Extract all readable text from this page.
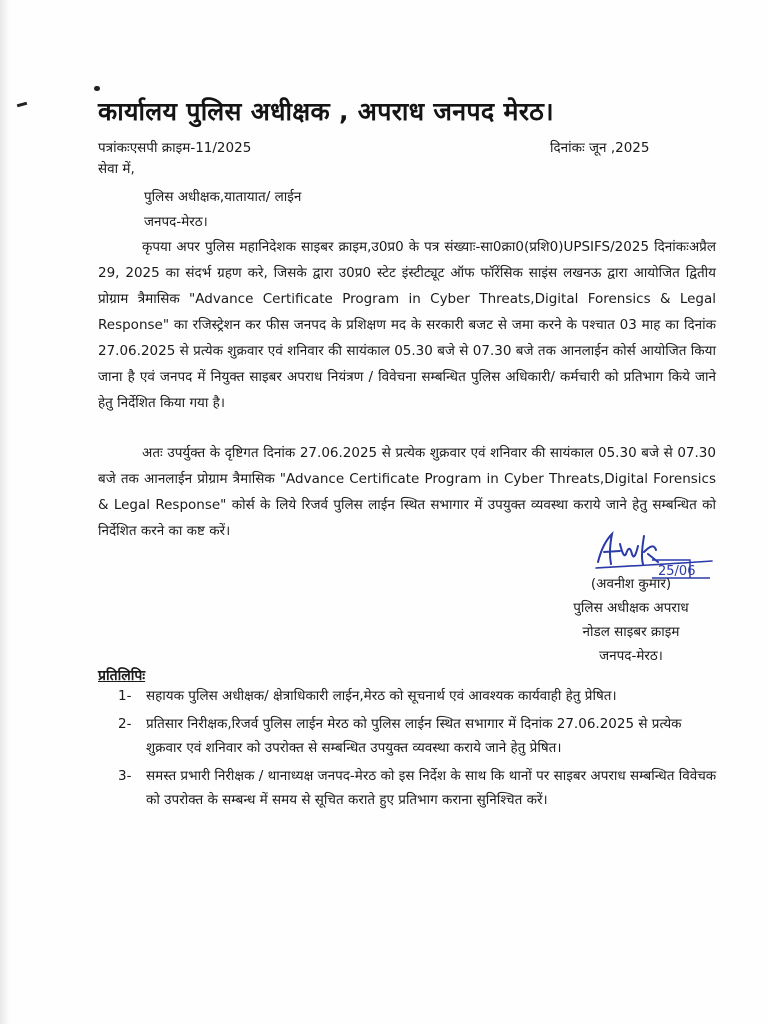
कार्यालय पुलिस अधीक्षक , अपराध जनपद मेरठ।
पत्रांकःएसपी क्राइम-11/2025	दिनांकः जून ,2025
सेवा में,
पुलिस अधीक्षक,यातायात/ लाईन
जनपद-मेरठ।
कृपया अपर पुलिस महानिदेशक साइबर क्राइम,उ0प्र0 के पत्र संख्याः-सा0क्रा0(प्रशि0)UPSIFS/2025 दिनांकःअप्रैल 29, 2025 का संदर्भ ग्रहण करे, जिसके द्वारा उ0प्र0 स्टेट इंस्टीट्यूट ऑफ फॉरेंसिक साइंस लखनऊ द्वारा आयोजित द्वितीय प्रोग्राम त्रैमासिक "Advance Certificate Program in Cyber Threats,Digital Forensics & Legal Response" का रजिस्ट्रेशन कर फीस जनपद के प्रशिक्षण मद के सरकारी बजट से जमा करने के पश्चात 03 माह का दिनांक 27.06.2025 से प्रत्येक शुक्रवार एवं शनिवार की सायंकाल 05.30 बजे से 07.30 बजे तक आनलाईन कोर्स आयोजित किया जाना है एवं जनपद में नियुक्त साइबर अपराध नियंत्रण / विवेचना सम्बन्धित पुलिस अधिकारी/ कर्मचारी को प्रतिभाग किये जाने हेतु निर्देशित किया गया है।
अतः उपर्युक्त के दृष्टिगत दिनांक 27.06.2025 से प्रत्येक शुक्रवार एवं शनिवार की सायंकाल 05.30 बजे से 07.30 बजे तक आनलाईन प्रोग्राम त्रैमासिक "Advance Certificate Program in Cyber Threats,Digital Forensics & Legal Response" कोर्स के लिये रिजर्व पुलिस लाईन स्थित सभागार में उपयुक्त व्यवस्था कराये जाने हेतु सम्बन्धित को निर्देशित करने का कष्ट करें।
25/06
(अवनीश कुमार)
पुलिस अधीक्षक अपराध
नोडल साइबर क्राइम
जनपद-मेरठ।
प्रतिलिपिः
1- सहायक पुलिस अधीक्षक/ क्षेत्राधिकारी लाईन,मेरठ को सूचनार्थ एवं आवश्यक कार्यवाही हेतु प्रेषित।
2- प्रतिसार निरीक्षक,रिजर्व पुलिस लाईन मेरठ को पुलिस लाईन स्थित सभागार में दिनांक 27.06.2025 से प्रत्येक शुक्रवार एवं शनिवार को उपरोक्त से सम्बन्धित उपयुक्त व्यवस्था कराये जाने हेतु प्रेषित।
3- समस्त प्रभारी निरीक्षक / थानाध्यक्ष जनपद-मेरठ को इस निर्देश के साथ कि थानों पर साइबर अपराध सम्बन्धित विवेचक को उपरोक्त के सम्बन्ध में समय से सूचित कराते हुए प्रतिभाग कराना सुनिश्चित करें।
